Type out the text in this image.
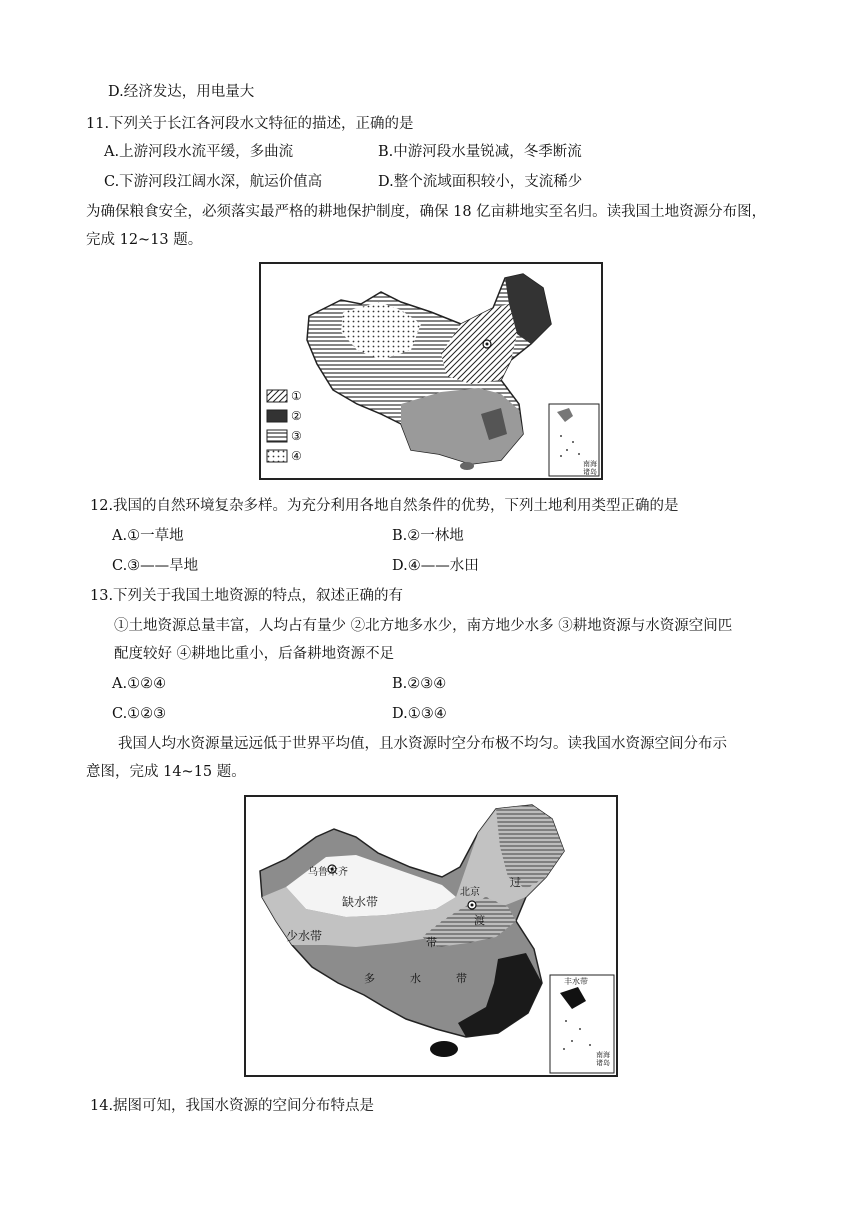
D.经济发达，用电量大
11.下列关于长江各河段水文特征的描述，正确的是
A.上游河段水流平缓，多曲流	B.中游河段水量锐减，冬季断流
C.下游河段江阔水深，航运价值高	D.整个流域面积较小，支流稀少
为确保粮食安全，必须落实最严格的耕地保护制度，确保 18 亿亩耕地实至名归。读我国土地资源分布图，
完成 12~13 题。
①
②
③
④
南海诸岛
12.我国的自然环境复杂多样。为充分利用各地自然条件的优势，下列土地利用类型正确的是
A.①一草地	B.②一林地
C.③——旱地	D.④——水田
13.下列关于我国土地资源的特点，叙述正确的有
①土地资源总量丰富，人均占有量少 ②北方地多水少，南方地少水多 ③耕地资源与水资源空间匹
配度较好 ④耕地比重小，后备耕地资源不足
A.①②④	B.②③④
C.①②③	D.①③④
我国人均水资源量远远低于世界平均值，且水资源时空分布极不均匀。读我国水资源空间分布示
意图，完成 14~15 题。
乌鲁木齐
缺水带
少水带
北京
过
渡
带
多	水	带	丰水带
南海诸岛
14.据图可知，我国水资源的空间分布特点是
